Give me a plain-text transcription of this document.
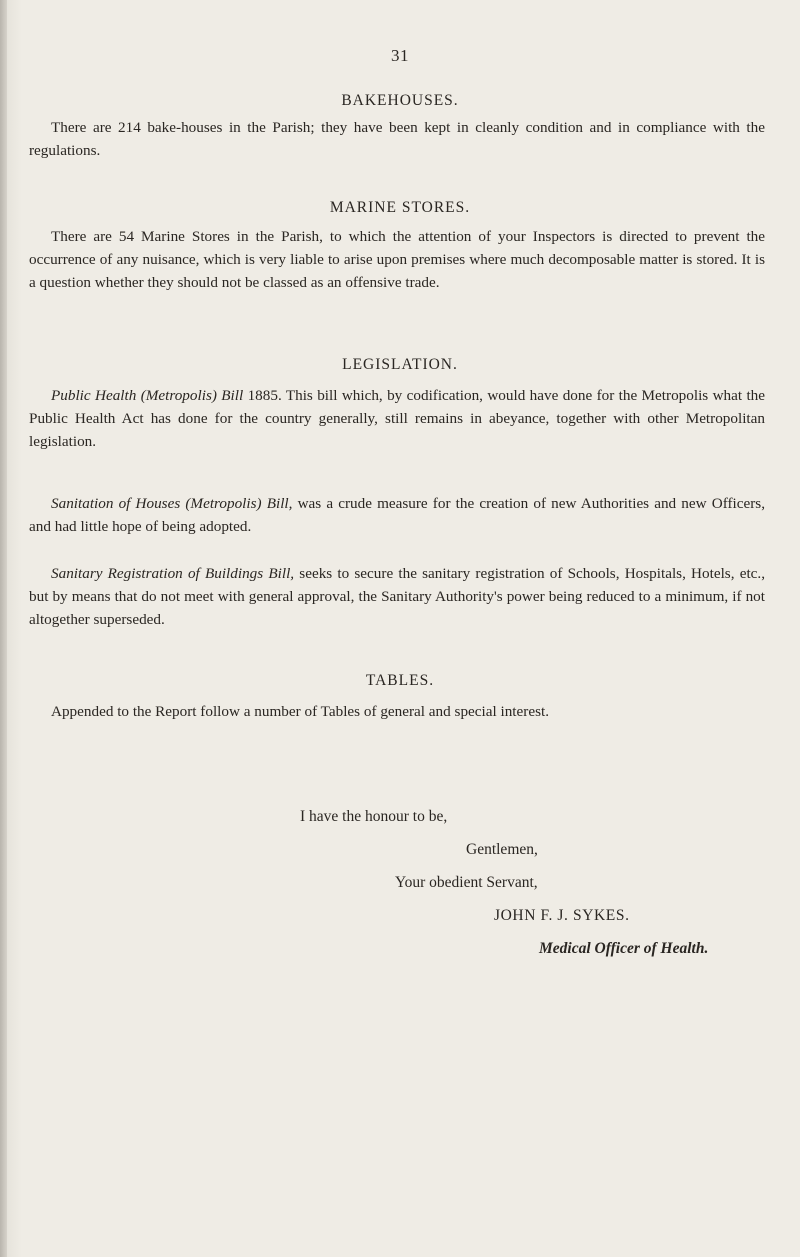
31
BAKEHOUSES.

There are 214 bake-houses in the Parish; they have been kept in cleanly condition and in compliance with the regulations.

MARINE STORES.

There are 54 Marine Stores in the Parish, to which the attention of your Inspectors is directed to prevent the occurrence of any nuisance, which is very liable to arise upon premises where much decomposable matter is stored. It is a question whether they should not be classed as an offensive trade.

LEGISLATION.

Public Health (Metropolis) Bill 1885. This bill which, by codification, would have done for the Metropolis what the Public Health Act has done for the country generally, still remains in abeyance, together with other Metropolitan legislation.

Sanitation of Houses (Metropolis) Bill, was a crude measure for the creation of new Authorities and new Officers, and had little hope of being adopted.

Sanitary Registration of Buildings Bill, seeks to secure the sanitary registration of Schools, Hospitals, Hotels, etc., but by means that do not meet with general approval, the Sanitary Authority's power being reduced to a minimum, if not altogether superseded.

TABLES.

Appended to the Report follow a number of Tables of general and special interest.

I have the honour to be,
Gentlemen,
Your obedient Servant,
JOHN F. J. SYKES.
Medical Officer of Health.
